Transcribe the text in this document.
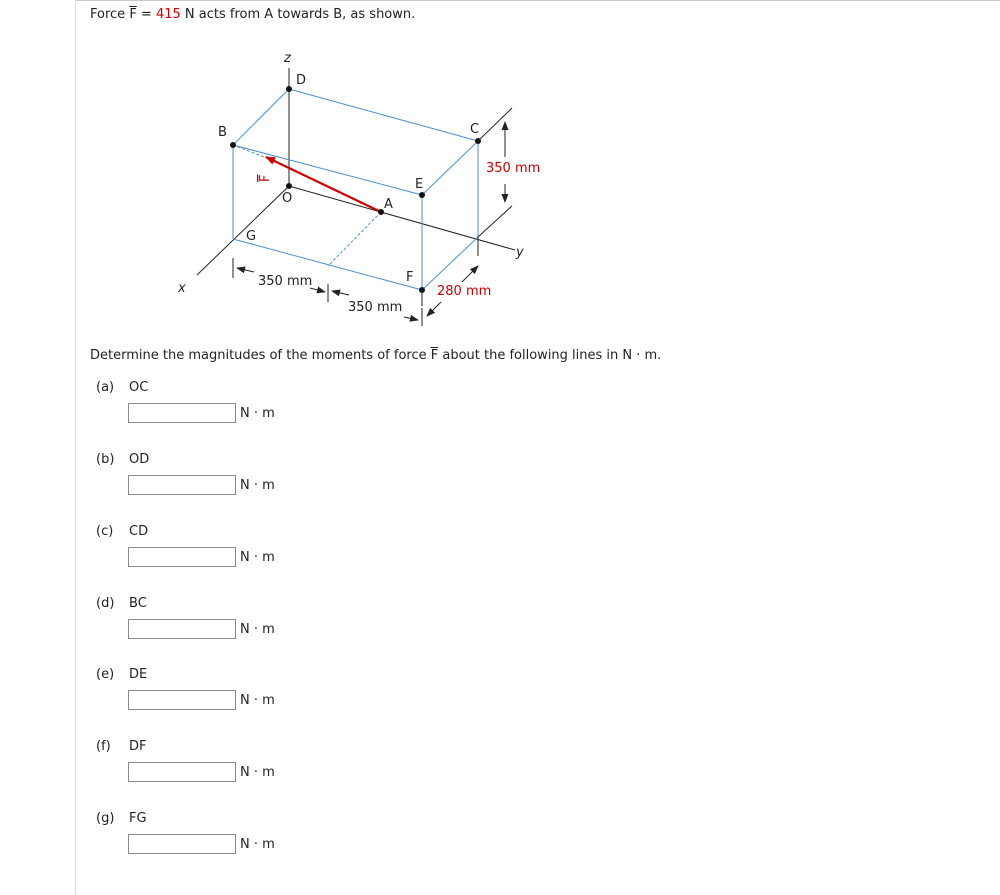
Force $\overline{F} = 415$ N acts from A towards B, as shown.
z
y
x
D
B	C
E
O	A
G
F
F
350 mm
350 mm
350 mm
280 mm
Determine the magnitudes of the moments of force $\overline{F}$ about the following lines in N · m.
(a) OC
N · m
(b) OD
N · m
(c) CD
N · m
(d) BC
N · m
(e) DE
N · m
(f) DF
N · m
(g) FG
N · m
